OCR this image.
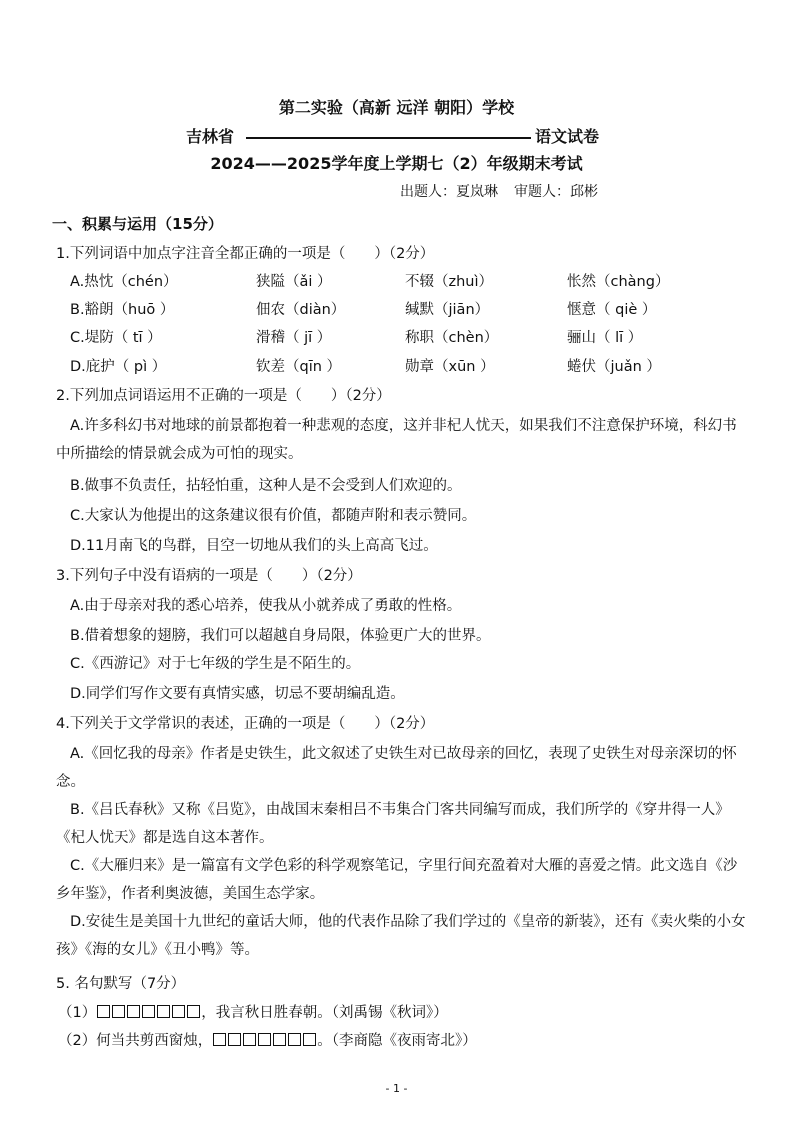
第二实验（高新 远洋 朝阳）学校
吉林省	语文试卷
2024——2025学年度上学期七（2）年级期末考试
出题人：夏岚琳 审题人：邱彬
一、积累与运用（15分）
1.下列词语中加点字注音全都正确的一项是（　　）（2分）
A.热忱（chén）	狭隘（ǎi ）	不辍（zhuì）	怅然（chàng）
B.豁朗（huō ）	佃农（diàn）	缄默（jiān）	惬意（ qiè ）
C.堤防（ tī ）	滑稽（ jī ）	称职（chèn）	骊山（ lī ）
D.庇护（ pì ）	钦差（qīn ）	勋章（xūn ）	蜷伏（juǎn ）
2.下列加点词语运用不正确的一项是（　　）（2分）
A.许多科幻书对地球的前景都抱着一种悲观的态度，这并非杞人忧天，如果我们不注意保护环境，科幻书中所描绘的情景就会成为可怕的现实。
B.做事不负责任，拈轻怕重，这种人是不会受到人们欢迎的。
C.大家认为他提出的这条建议很有价值，都随声附和表示赞同。
D.11月南飞的鸟群，目空一切地从我们的头上高高飞过。
3.下列句子中没有语病的一项是（　　）（2分）
A.由于母亲对我的悉心培养，使我从小就养成了勇敢的性格。
B.借着想象的翅膀，我们可以超越自身局限，体验更广大的世界。
C.《西游记》对于七年级的学生是不陌生的。
D.同学们写作文要有真情实感，切忌不要胡编乱造。
4.下列关于文学常识的表述，正确的一项是（　　）（2分）
A.《回忆我的母亲》作者是史铁生，此文叙述了史铁生对已故母亲的回忆，表现了史铁生对母亲深切的怀念。
B.《吕氏春秋》又称《吕览》，由战国末秦相吕不韦集合门客共同编写而成，我们所学的《穿井得一人》《杞人忧天》都是选自这本著作。
C.《大雁归来》是一篇富有文学色彩的科学观察笔记，字里行间充盈着对大雁的喜爱之情。此文选自《沙乡年鉴》，作者利奥波德，美国生态学家。
D.安徒生是美国十九世纪的童话大师，他的代表作品除了我们学过的《皇帝的新装》，还有《卖火柴的小女孩》《海的女儿》《丑小鸭》等。
5. 名句默写（7分）
（1）	，我言秋日胜春朝。（刘禹锡《秋词》）
（2）何当共剪西窗烛，	。（李商隐《夜雨寄北》）
- 1 -
